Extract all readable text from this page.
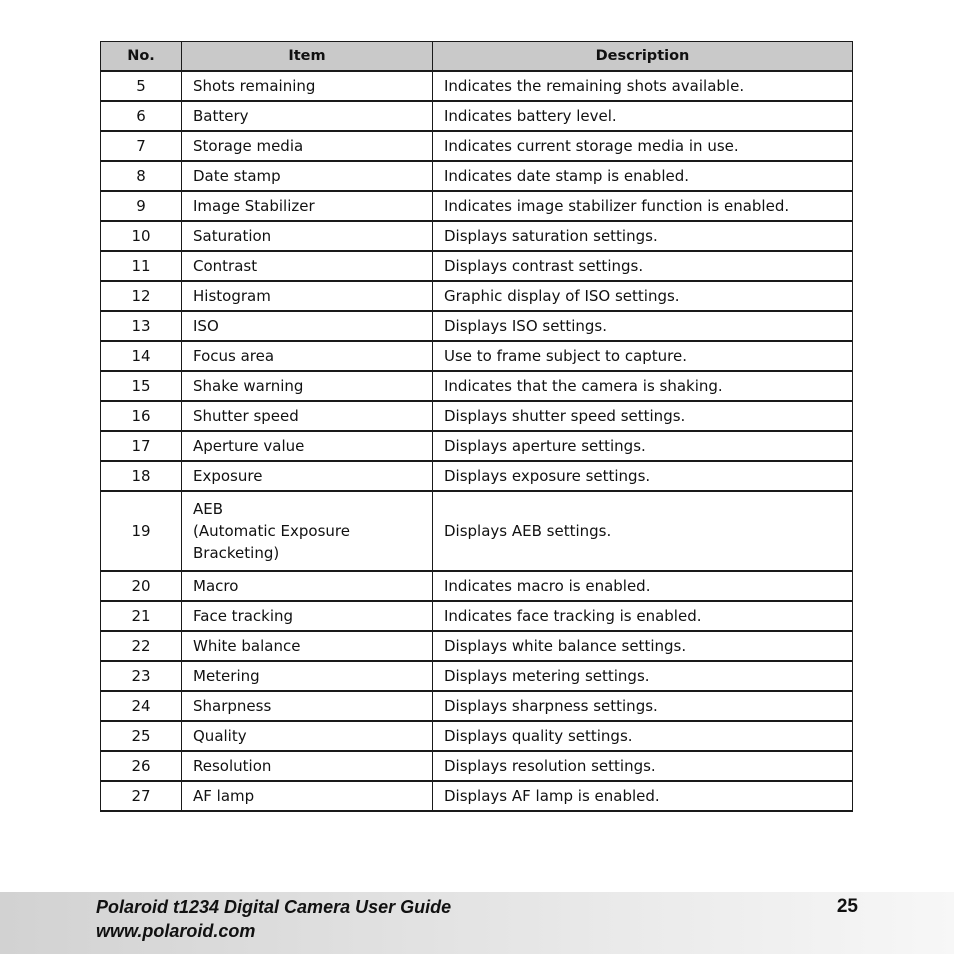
No.	Item	Description
5	Shots remaining	Indicates the remaining shots available.
6	Battery	Indicates battery level.
7	Storage media	Indicates current storage media in use.
8	Date stamp	Indicates date stamp is enabled.
9	Image Stabilizer	Indicates image stabilizer function is enabled.
10	Saturation	Displays saturation settings.
11	Contrast	Displays contrast settings.
12	Histogram	Graphic display of ISO settings.
13	ISO	Displays ISO settings.
14	Focus area	Use to frame subject to capture.
15	Shake warning	Indicates that the camera is shaking.
16	Shutter speed	Displays shutter speed settings.
17	Aperture value	Displays aperture settings.
18	Exposure	Displays exposure settings.
19	AEB
(Automatic Exposure
Bracketing)	Displays AEB settings.
20	Macro	Indicates macro is enabled.
21	Face tracking	Indicates face tracking is enabled.
22	White balance	Displays white balance settings.
23	Metering	Displays metering settings.
24	Sharpness	Displays sharpness settings.
25	Quality	Displays quality settings.
26	Resolution	Displays resolution settings.
27	AF lamp	Displays AF lamp is enabled.
Polaroid t1234 Digital Camera User Guide
www.polaroid.com
25
